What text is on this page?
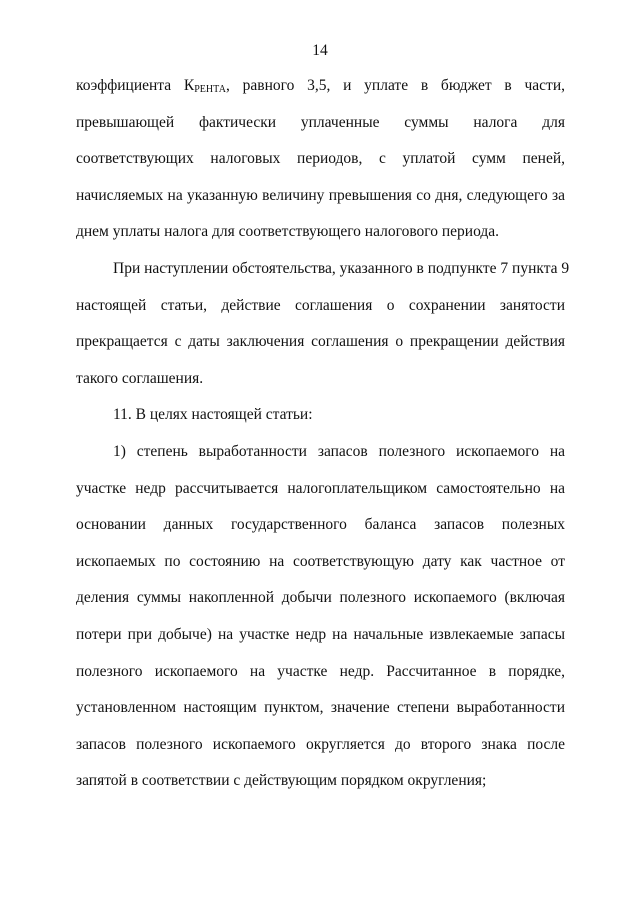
14
коэффициента $К_{РЕНТА}$, равного 3,5, и уплате в бюджет в части,
превышающей фактически уплаченные суммы налога для
соответствующих налоговых периодов, с уплатой сумм пеней,
начисляемых на указанную величину превышения со дня, следующего за
днем уплаты налога для соответствующего налогового периода.
При наступлении обстоятельства, указанного в подпункте 7 пункта 9
настоящей статьи, действие соглашения о сохранении занятости
прекращается с даты заключения соглашения о прекращении действия
такого соглашения.
11. В целях настоящей статьи:
1) степень выработанности запасов полезного ископаемого на
участке недр рассчитывается налогоплательщиком самостоятельно на
основании данных государственного баланса запасов полезных
ископаемых по состоянию на соответствующую дату как частное от
деления суммы накопленной добычи полезного ископаемого (включая
потери при добыче) на участке недр на начальные извлекаемые запасы
полезного ископаемого на участке недр. Рассчитанное в порядке,
установленном настоящим пунктом, значение степени выработанности
запасов полезного ископаемого округляется до второго знака после
запятой в соответствии с действующим порядком округления;
